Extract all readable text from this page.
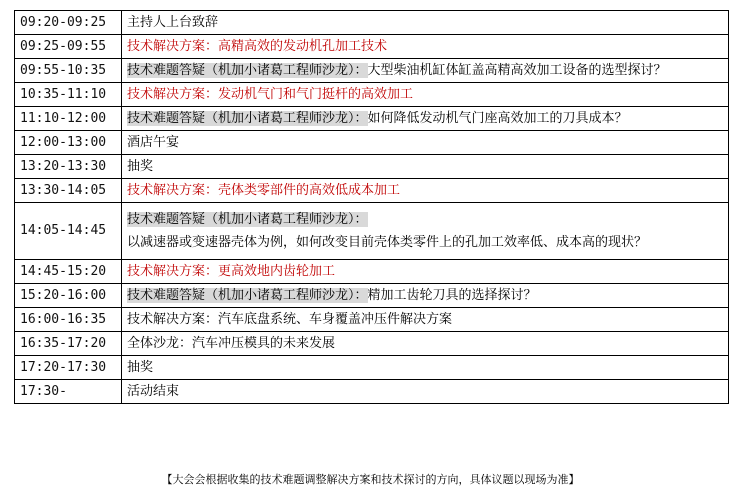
09:20-09:25	主持人上台致辞
09:25-09:55	技术解决方案：高精高效的发动机孔加工技术
09:55-10:35	技术难题答疑（机加小诸葛工程师沙龙）：大型柴油机缸体缸盖高精高效加工设备的选型探讨？
10:35-11:10	技术解决方案：发动机气门和气门挺杆的高效加工
11:10-12:00	技术难题答疑（机加小诸葛工程师沙龙）：如何降低发动机气门座高效加工的刀具成本？
12:00-13:00	酒店午宴
13:20-13:30	抽奖
13:30-14:05	技术解决方案：壳体类零部件的高效低成本加工
14:05-14:45	技术难题答疑（机加小诸葛工程师沙龙）：
以减速器或变速器壳体为例，如何改变目前壳体类零件上的孔加工效率低、成本高的现状？

14:45-15:20	技术解决方案：更高效地内齿轮加工
15:20-16:00	技术难题答疑（机加小诸葛工程师沙龙）：精加工齿轮刀具的选择探讨？
16:00-16:35	技术解决方案：汽车底盘系统、车身覆盖冲压件解决方案
16:35-17:20	全体沙龙：汽车冲压模具的未来发展
17:20-17:30	抽奖
17:30-	活动结束
【大会会根据收集的技术难题调整解决方案和技术探讨的方向，具体议题以现场为准】
